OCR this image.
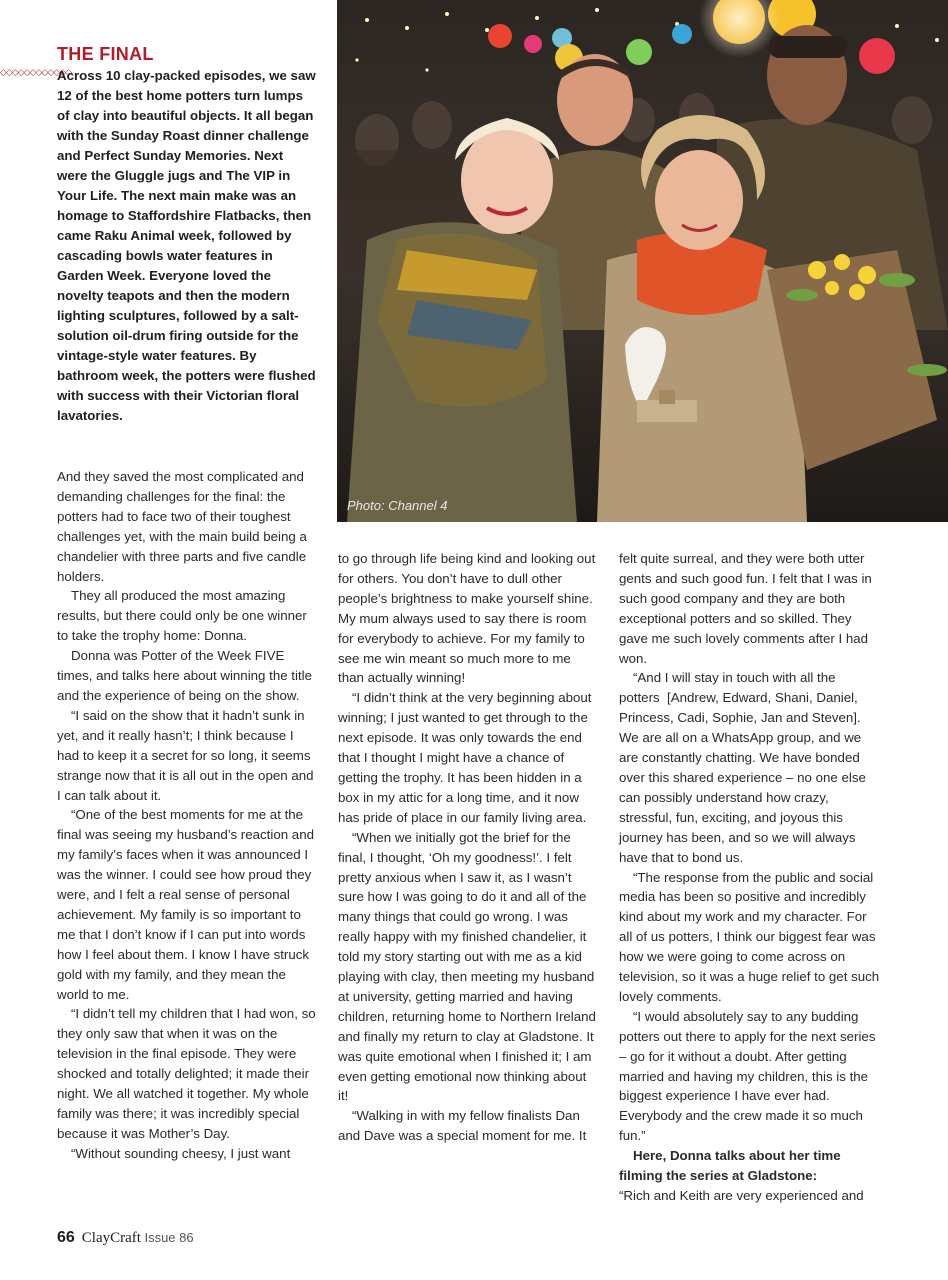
◇◇◇◇◇◇◇◇◇◇◇◇
THE FINAL

Across 10 clay-packed episodes, we saw 12 of the best home potters turn lumps of clay into beautiful objects. It all began with the Sunday Roast dinner challenge and Perfect Sunday Memories. Next were the Gluggle jugs and The VIP in Your Life. The next main make was an homage to Staffordshire Flatbacks, then came Raku Animal week, followed by cascading bowls water features in Garden Week. Everyone loved the novelty teapots and then the modern lighting sculptures, followed by a salt-solution oil-drum firing outside for the vintage-style water features. By bathroom week, the potters were flushed with success with their Victorian floral lavatories.

And they saved the most complicated and demanding challenges for the final: the potters had to face two of their toughest challenges yet, with the main build being a chandelier with three parts and five candle holders.

They all produced the most amazing results, but there could only be one winner to take the trophy home: Donna.

Donna was Potter of the Week FIVE times, and talks here about winning the title and the experience of being on the show.

“I said on the show that it hadn’t sunk in yet, and it really hasn’t; I think because I had to keep it a secret for so long, it seems strange now that it is all out in the open and I can talk about it.

“One of the best moments for me at the final was seeing my husband’s reaction and my family’s faces when it was announced I was the winner. I could see how proud they were, and I felt a real sense of personal achievement. My family is so important to me that I don’t know if I can put into words how I feel about them. I know I have struck gold with my family, and they mean the world to me.

“I didn’t tell my children that I had won, so they only saw that when it was on the television in the final episode. They were shocked and totally delighted; it made their night. We all watched it together. My whole family was there; it was incredibly special because it was Mother’s Day.

“Without sounding cheesy, I just want

Photo: Channel 4

to go through life being kind and looking out for others. You don’t have to dull other people’s brightness to make yourself shine. My mum always used to say there is room for everybody to achieve. For my family to see me win meant so much more to me than actually winning!

“I didn’t think at the very beginning about winning; I just wanted to get through to the next episode. It was only towards the end that I thought I might have a chance of getting the trophy. It has been hidden in a box in my attic for a long time, and it now has pride of place in our family living area.

“When we initially got the brief for the final, I thought, ‘Oh my goodness!’. I felt pretty anxious when I saw it, as I wasn’t sure how I was going to do it and all of the many things that could go wrong. I was really happy with my finished chandelier, it told my story starting out with me as a kid playing with clay, then meeting my husband at university, getting married and having children, returning home to Northern Ireland and finally my return to clay at Gladstone. It was quite emotional when I finished it; I am even getting emotional now thinking about it!

“Walking in with my fellow finalists Dan and Dave was a special moment for me. It

felt quite surreal, and they were both utter gents and such good fun. I felt that I was in such good company and they are both exceptional potters and so skilled. They gave me such lovely comments after I had won.

“And I will stay in touch with all the potters  [Andrew, Edward, Shani, Daniel, Princess, Cadi, Sophie, Jan and Steven]. We are all on a WhatsApp group, and we are constantly chatting. We have bonded over this shared experience – no one else can possibly understand how crazy, stressful, fun, exciting, and joyous this journey has been, and so we will always have that to bond us.

“The response from the public and social media has been so positive and incredibly kind about my work and my character. For all of us potters, I think our biggest fear was how we were going to come across on television, so it was a huge relief to get such lovely comments.

“I would absolutely say to any budding potters out there to apply for the next series – go for it without a doubt. After getting married and having my children, this is the biggest experience I have ever had. Everybody and the crew made it so much fun.”

Here, Donna talks about her time filming the series at Gladstone:

“Rich and Keith are very experienced and

66 ClayCraft Issue 86
